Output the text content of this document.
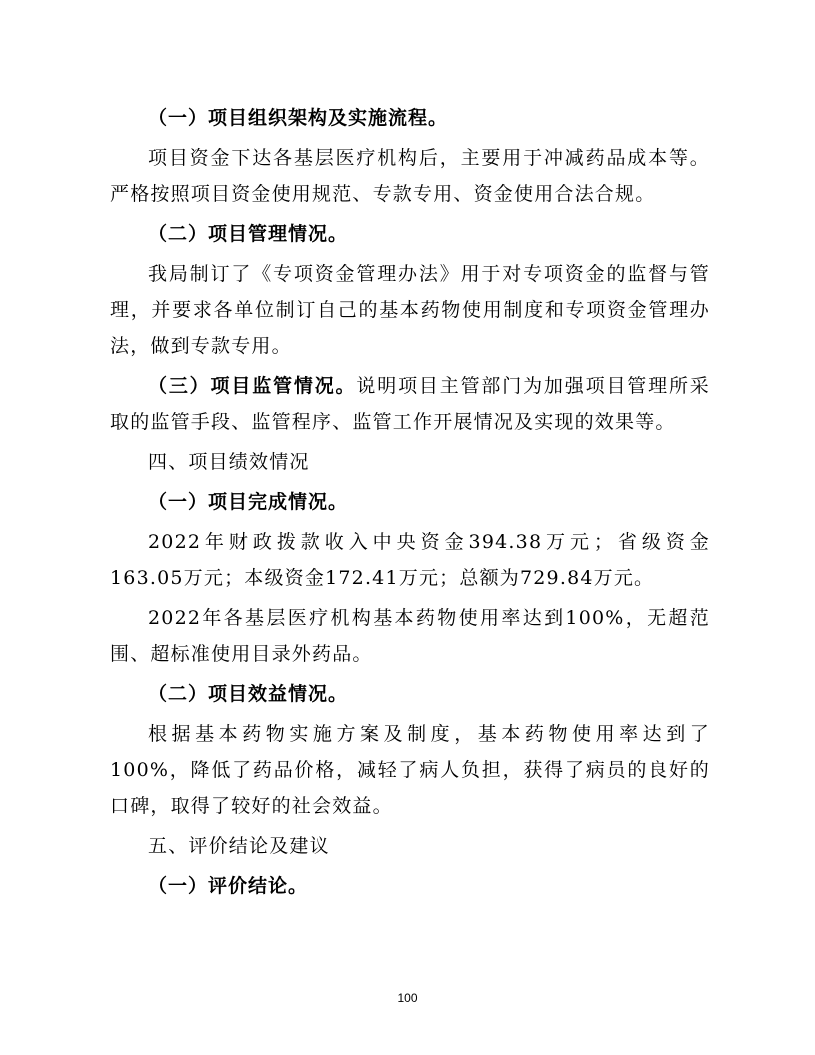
（一）项目组织架构及实施流程。

项目资金下达各基层医疗机构后，主要用于冲减药品成本等。严格按照项目资金使用规范、专款专用、资金使用合法合规。

（二）项目管理情况。

我局制订了《专项资金管理办法》用于对专项资金的监督与管理，并要求各单位制订自己的基本药物使用制度和专项资金管理办法，做到专款专用。

（三）项目监管情况。说明项目主管部门为加强项目管理所采取的监管手段、监管程序、监管工作开展情况及实现的效果等。

四、项目绩效情况

（一）项目完成情况。

2022年财政拨款收入中央资金394.38万元；省级资金163.05万元；本级资金172.41万元；总额为729.84万元。

2022年各基层医疗机构基本药物使用率达到100%，无超范围、超标准使用目录外药品。

（二）项目效益情况。

根据基本药物实施方案及制度，基本药物使用率达到了100%，降低了药品价格，减轻了病人负担，获得了病员的良好的口碑，取得了较好的社会效益。

五、评价结论及建议

（一）评价结论。

100
